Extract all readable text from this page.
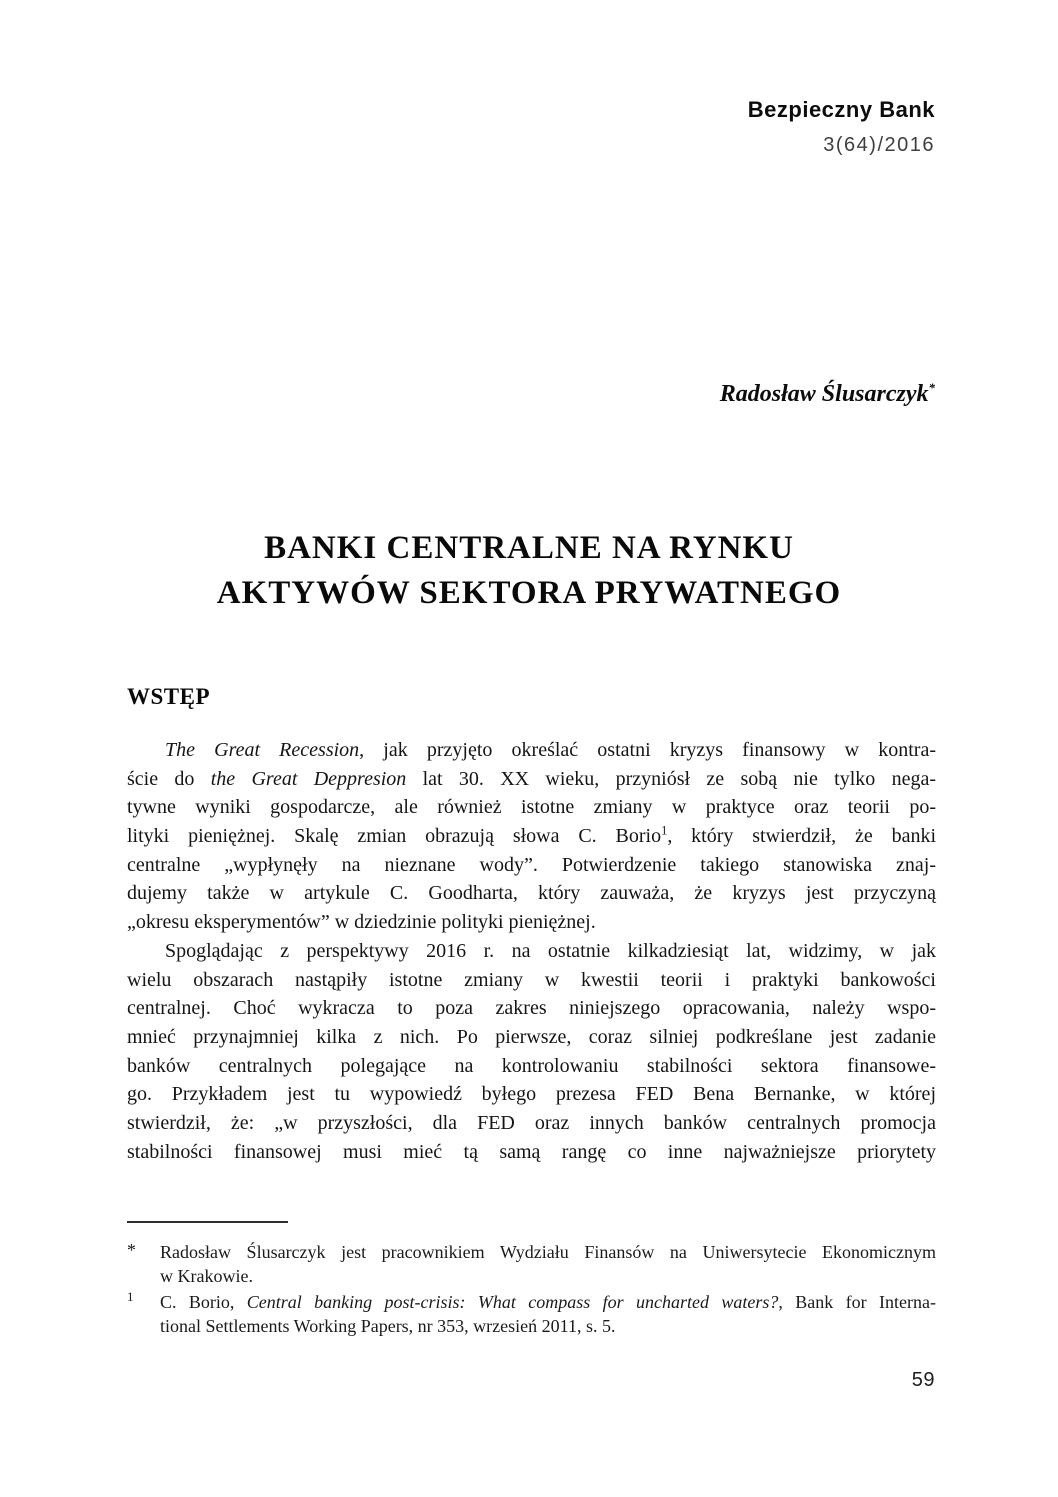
Bezpieczny Bank
3(64)/2016
Radosław Ślusarczyk*
BANKI CENTRALNE NA RYNKU
AKTYWÓW SEKTORA PRYWATNEGO
WSTĘP
The Great Recession, jak przyjęto określać ostatni kryzys finansowy w kontra-
ście do the Great Deppresion lat 30. XX wieku, przyniósł ze sobą nie tylko nega-
tywne wyniki gospodarcze, ale również istotne zmiany w praktyce oraz teorii po-
lityki pieniężnej. Skalę zmian obrazują słowa C. Borio$^1$, który stwierdził, że banki
centralne „wypłynęły na nieznane wody”. Potwierdzenie takiego stanowiska znaj-
dujemy także w artykule C. Goodharta, który zauważa, że kryzys jest przyczyną
„okresu eksperymentów” w dziedzinie polityki pieniężnej.
Spoglądając z perspektywy 2016 r. na ostatnie kilkadziesiąt lat, widzimy, w jak
wielu obszarach nastąpiły istotne zmiany w kwestii teorii i praktyki bankowości
centralnej. Choć wykracza to poza zakres niniejszego opracowania, należy wspo-
mnieć przynajmniej kilka z nich. Po pierwsze, coraz silniej podkreślane jest zadanie
banków centralnych polegające na kontrolowaniu stabilności sektora finansowe-
go. Przykładem jest tu wypowiedź byłego prezesa FED Bena Bernanke, w której
stwierdził, że: „w przyszłości, dla FED oraz innych banków centralnych promocja
stabilności finansowej musi mieć tą samą rangę co inne najważniejsze priorytety
*	Radosław Ślusarczyk jest pracownikiem Wydziału Finansów na Uniwersytecie Ekonomicznym
w Krakowie.
1	C. Borio, Central banking post-crisis: What compass for uncharted waters?, Bank for Interna-
tional Settlements Working Papers, nr 353, wrzesień 2011, s. 5.
59
